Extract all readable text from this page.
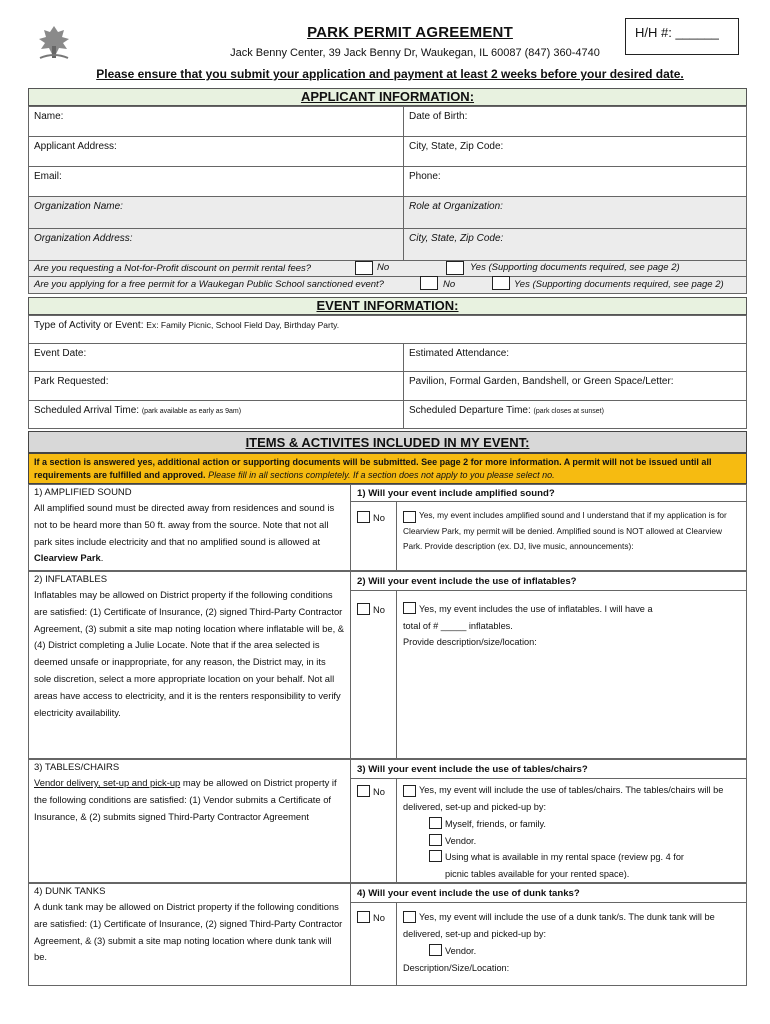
PARK PERMIT AGREEMENT	H/H #: ______
Jack Benny Center, 39 Jack Benny Dr, Waukegan, IL 60087 (847) 360-4740
Please ensure that you submit your application and payment at least 2 weeks before your desired date.
APPLICANT INFORMATION:
Name:	Date of Birth:
Applicant Address:	City, State, Zip Code:
Email:	Phone:
Organization Name:	Role at Organization:
Organization Address:	City, State, Zip Code:
Are you requesting a Not-for-Profit discount on permit rental fees?	No	Yes (Supporting documents required, see page 2)
Are you applying for a free permit for a Waukegan Public School sanctioned event?	No	Yes (Supporting documents required, see page 2)
EVENT INFORMATION:
Type of Activity or Event: Ex: Family Picnic, School Field Day, Birthday Party.
Event Date:	Estimated Attendance:
Park Requested:	Pavilion, Formal Garden, Bandshell, or Green Space/Letter:
Scheduled Arrival Time: (park available as early as 9am)	Scheduled Departure Time: (park closes at sunset)
ITEMS & ACTIVITES INCLUDED IN MY EVENT:
If a section is answered yes, additional action or supporting documents will be submitted. See page 2 for more information. A permit will not be issued until all requirements are fulfilled and approved. Please fill in all sections completely. If a section does not apply to you please select no.
1) AMPLIFIED SOUND
All amplified sound must be directed away from residences and sound is not to be heard more than 50 ft. away from the source. Note that not all park sites include electricity and that no amplified sound is allowed at Clearview Park.
1) Will your event include amplified sound?
No	Yes, my event includes amplified sound and I understand that if my application is for Clearview Park, my permit will be denied. Amplified sound is NOT allowed at Clearview Park. Provide description (ex. DJ, live music, announcements):
2) INFLATABLES
Inflatables may be allowed on District property if the following conditions are satisfied: (1) Certificate of Insurance, (2) signed Third-Party Contractor Agreement, (3) submit a site map noting location where inflatable will be, & (4) District completing a Julie Locate. Note that if the area selected is deemed unsafe or inappropriate, for any reason, the District may, in its sole discretion, select a more appropriate location on your behalf. Not all areas have access to electricity, and it is the renters responsibility to verify electricity availability.
2) Will your event include the use of inflatables?
No	Yes, my event includes the use of inflatables. I will have a
total of # _____ inflatables.
Provide description/size/location:
3) TABLES/CHAIRS
Vendor delivery, set-up and pick-up may be allowed on District property if the following conditions are satisfied: (1) Vendor submits a Certificate of Insurance, & (2) submits signed Third-Party Contractor Agreement
3) Will your event include the use of tables/chairs?
No	Yes, my event will include the use of tables/chairs. The tables/chairs will be delivered, set-up and picked-up by:
Myself, friends, or family.
Vendor.
Using what is available in my rental space (review pg. 4 for
picnic tables available for your rented space).
4) DUNK TANKS
A dunk tank may be allowed on District property if the following conditions are satisfied: (1) Certificate of Insurance, (2) signed Third-Party Contractor Agreement, & (3) submit a site map noting location where dunk tank will be.
4) Will your event include the use of dunk tanks?
No	Yes, my event will include the use of a dunk tank/s. The dunk tank will be delivered, set-up and picked-up by:
Vendor.
Description/Size/Location:
